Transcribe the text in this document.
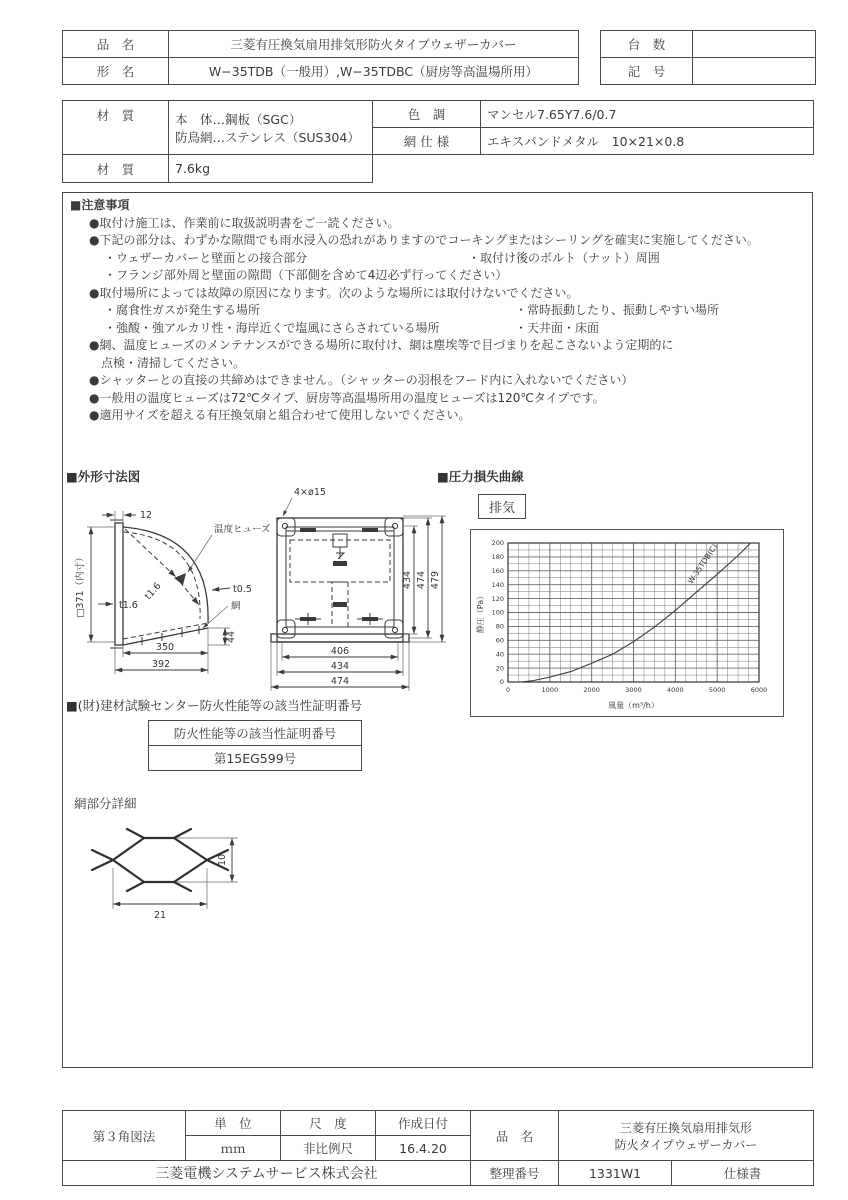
品　名	三菱有圧換気扇用排気形防火タイプウェザーカバー
形　名	W−35TDB（一般用）,W−35TDBC（厨房等高温場所用）
台　数	
記　号	
材　質	本　体…鋼板（SGC）
防鳥網…ステンレス（SUS304）

材　質	7.6kg
色　調	マンセル7.65Y7.6/0.7
網 仕 様	エキスパンドメタル　10×21×0.8
■注意事項
●取付け施工は、作業前に取扱説明書をご一読ください。
●下記の部分は、わずかな隙間でも雨水浸入の恐れがありますのでコーキングまたはシーリングを確実に実施してください。
・ウェザーカバーと壁面との接合部分	・取付け後のボルト（ナット）周囲
・フランジ部外周と壁面の隙間（下部側を含めて4辺必ず行ってください）
●取付場所によっては故障の原因になります。次のような場所には取付けないでください。
・腐食性ガスが発生する場所	・常時振動したり、振動しやすい場所
・強酸・強アルカリ性・海岸近くで塩風にさらされている場所	・天井面・床面
●網、温度ヒューズのメンテナンスができる場所に取付け、網は塵埃等で目づまりを起こさないよう定期的に
点検・清掃してください。
●シャッターとの直接の共締めはできません。（シャッターの羽根をフード内に入れないでください）
●一般用の温度ヒューズは72℃タイプ、厨房等高温場所用の温度ヒューズは120℃タイプです。
●適用サイズを超える有圧換気扇と組合わせて使用しないでください。
■外形寸法図	■圧力損失曲線
排気
温度ヒューズ
12
□371（内寸）	t1.6
t1.6
t0.5
網
44
350
392
4×ø15
434 474 479
406
434
474
0	1000	2000	3000	4000	5000	6000
0
20
40
60
80
100
120
140
160
180
200
風量（m³/h）
静圧（Pa）
W-35TDB(C)
■(財)建材試験センター防火性能等の該当性証明番号
防火性能等の該当性証明番号
第15EG599号
網部分詳細
21
10
第３角図法	単　位	尺　度	作成日付	品　名	三菱有圧換気扇用排気形
防火タイプウェザーカバー	

	ｍｍ	非比例尺	16.4.20			
三菱電機システムサービス株式会社				整理番号	1331W1	仕様書
